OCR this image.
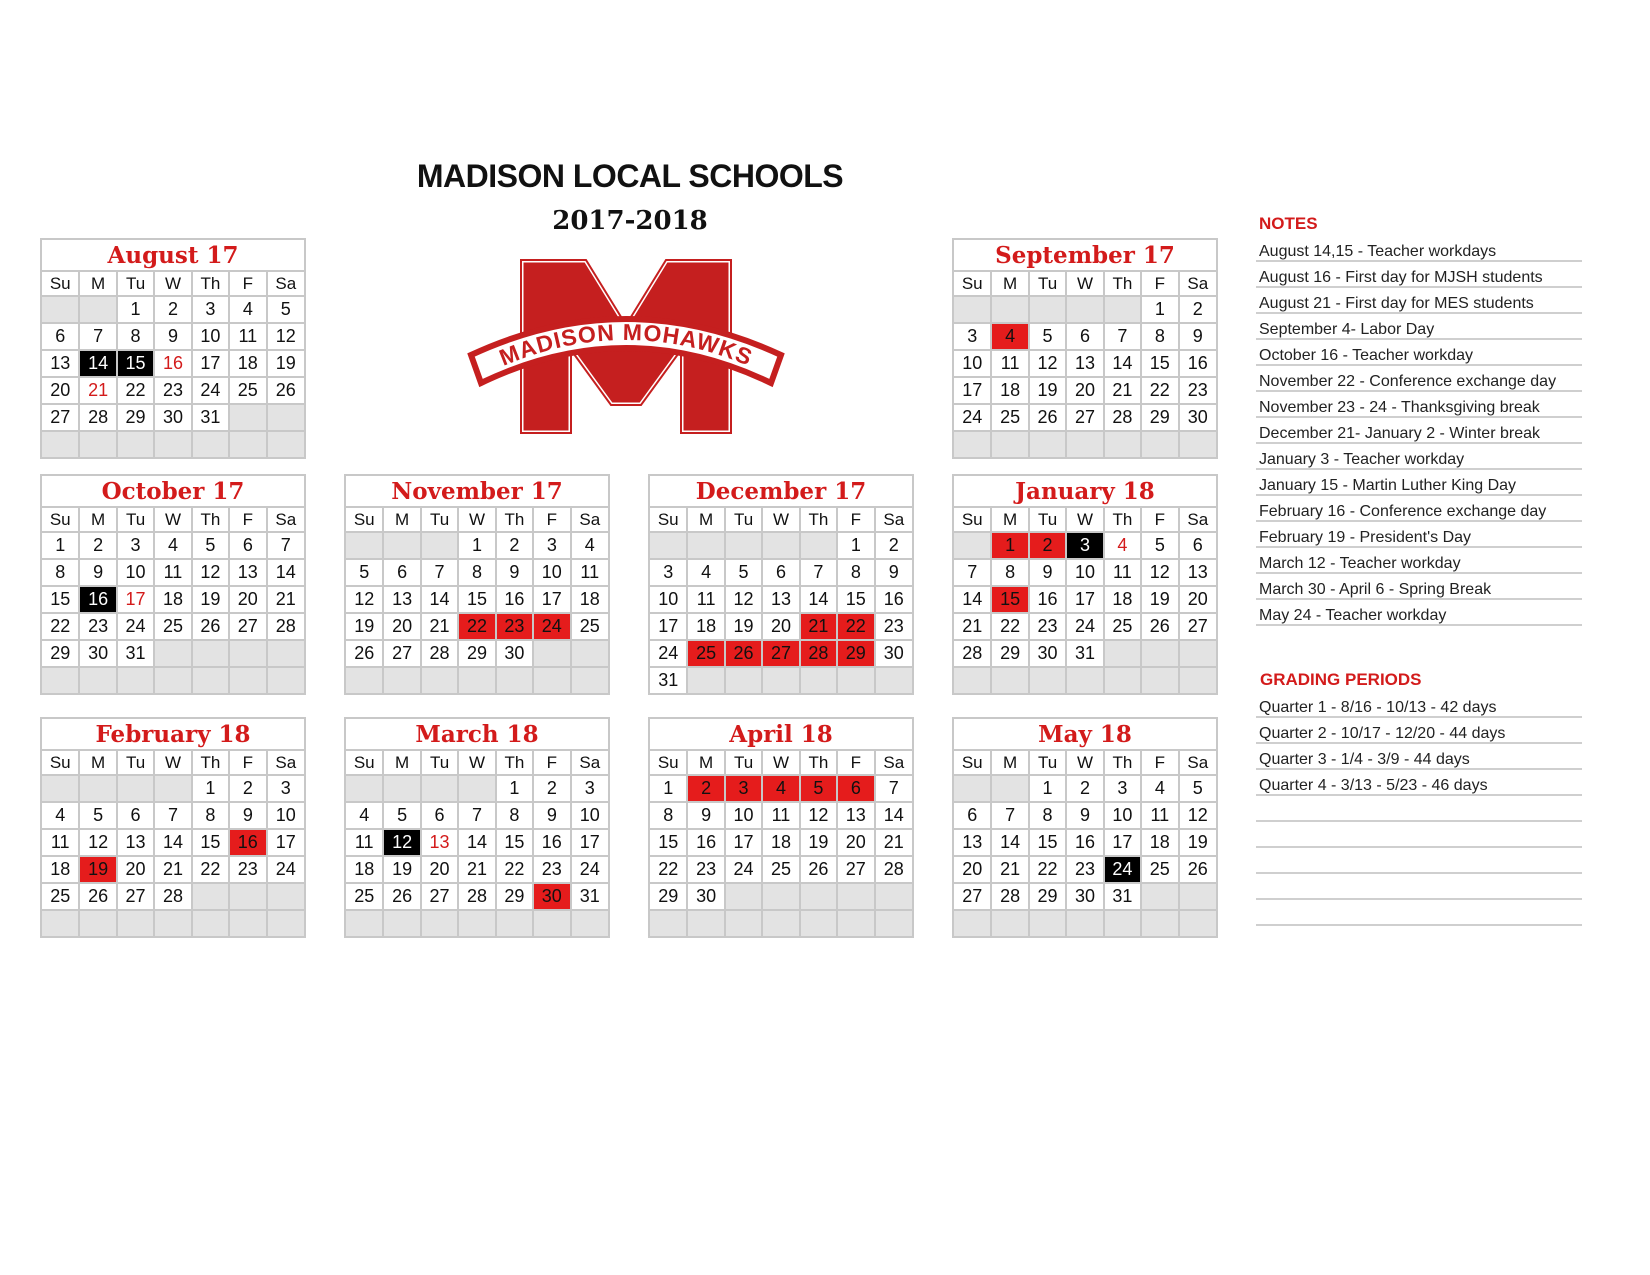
MADISON LOCAL SCHOOLS
2017-2018
MADISON MOHAWKS
August 17
Su	M	Tu	W	Th	F	Sa
		1	2	3	4	5
6	7	8	9	10	11	12
13	14	15	16	17	18	19
20	21	22	23	24	25	26
27	28	29	30	31		

September 17
Su	M	Tu	W	Th	F	Sa
					1	2
3	4	5	6	7	8	9
10	11	12	13	14	15	16
17	18	19	20	21	22	23
24	25	26	27	28	29	30

October 17
Su	M	Tu	W	Th	F	Sa
1	2	3	4	5	6	7
8	9	10	11	12	13	14
15	16	17	18	19	20	21
22	23	24	25	26	27	28
29	30	31				

November 17
Su	M	Tu	W	Th	F	Sa
			1	2	3	4
5	6	7	8	9	10	11
12	13	14	15	16	17	18
19	20	21	22	23	24	25
26	27	28	29	30		

December 17
Su	M	Tu	W	Th	F	Sa
					1	2
3	4	5	6	7	8	9
10	11	12	13	14	15	16
17	18	19	20	21	22	23
24	25	26	27	28	29	30
31						
January 18
Su	M	Tu	W	Th	F	Sa
	1	2	3	4	5	6
7	8	9	10	11	12	13
14	15	16	17	18	19	20
21	22	23	24	25	26	27
28	29	30	31			

February 18
Su	M	Tu	W	Th	F	Sa
				1	2	3
4	5	6	7	8	9	10
11	12	13	14	15	16	17
18	19	20	21	22	23	24
25	26	27	28			

March 18
Su	M	Tu	W	Th	F	Sa
				1	2	3
4	5	6	7	8	9	10
11	12	13	14	15	16	17
18	19	20	21	22	23	24
25	26	27	28	29	30	31

April 18
Su	M	Tu	W	Th	F	Sa
1	2	3	4	5	6	7
8	9	10	11	12	13	14
15	16	17	18	19	20	21
22	23	24	25	26	27	28
29	30					

May 18
Su	M	Tu	W	Th	F	Sa
		1	2	3	4	5
6	7	8	9	10	11	12
13	14	15	16	17	18	19
20	21	22	23	24	25	26
27	28	29	30	31		

NOTES
August 14,15 - Teacher workdays
August 16 - First day for MJSH students
August 21 - First day for MES students
September 4- Labor Day
October 16 - Teacher workday
November 22 - Conference exchange day
November 23 - 24 - Thanksgiving break
December 21- January 2 - Winter break
January 3 - Teacher workday
January 15 - Martin Luther King Day
February 16 - Conference exchange day
February 19 - President's Day
March 12 - Teacher workday
March 30 - April 6 - Spring Break
May 24 - Teacher workday
GRADING PERIODS
Quarter 1 - 8/16 - 10/13 - 42 days
Quarter 2 - 10/17 - 12/20 - 44 days
Quarter 3 - 1/4 - 3/9 - 44 days
Quarter 4 - 3/13 - 5/23 - 46 days
